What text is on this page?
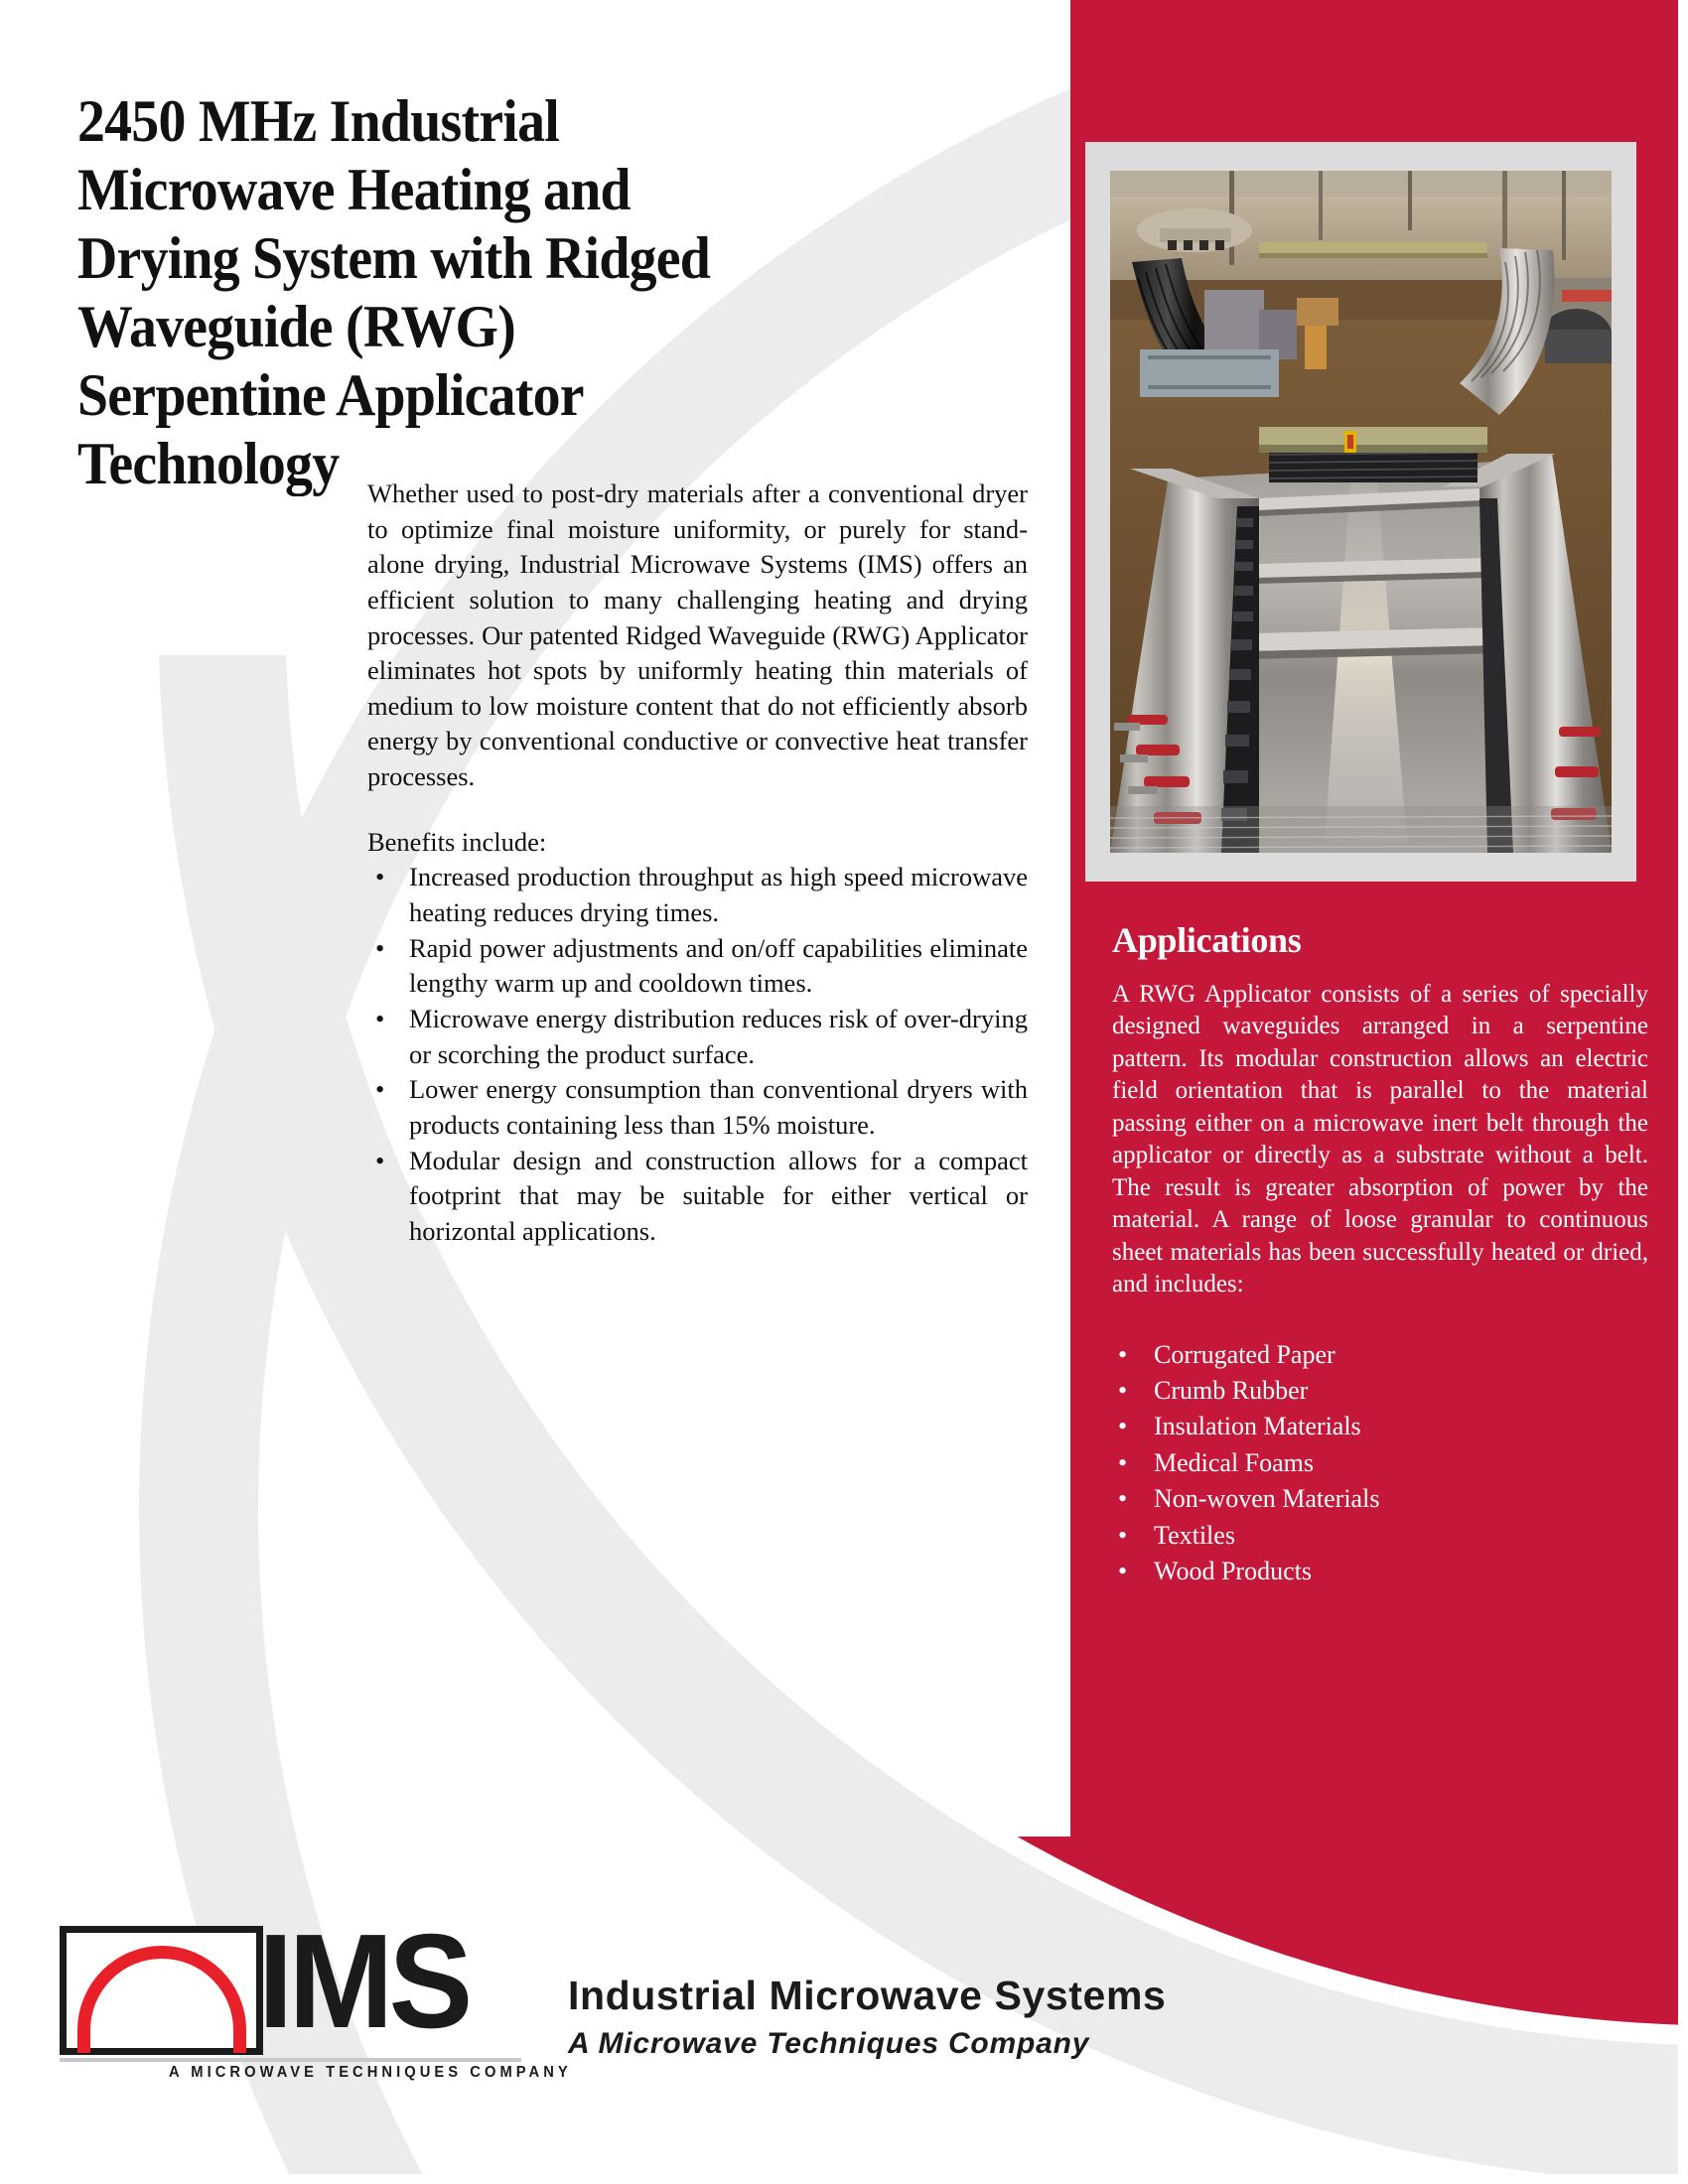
2450 MHz Industrial Microwave Heating and Drying System with Ridged Waveguide (RWG) Serpentine Applicator Technology	Whether used to post-dry materials after a conventional dryer to optimize final moisture uniformity, or purely for stand-alone drying, Industrial Microwave Systems (IMS) offers an efficient solution to many challenging heating and drying processes. Our patented Ridged Waveguide (RWG) Applicator eliminates hot spots by uniformly heating thin materials of medium to low moisture content that do not efficiently absorb energy by conventional conductive or convective heat transfer processes.

Benefits include:

• Increased production throughput as high speed microwave heating reduces drying times.
• Rapid power adjustments and on/off capabilities eliminate lengthy warm up and cooldown times.
• Microwave energy distribution reduces risk of over-drying or scorching the product surface.
• Lower energy consumption than conventional dryers with products containing less than 15% moisture.
• Modular design and construction allows for a compact footprint that may be suitable for either vertical or horizontal applications.
Applications

A RWG Applicator consists of a series of specially designed waveguides arranged in a serpentine pattern. Its modular construction allows an electric field orientation that is parallel to the material passing either on a microwave inert belt through the applicator or directly as a substrate without a belt. The result is greater absorption of power by the material. A range of loose granular to continuous sheet materials has been successfully heated or dried, and includes:

• Corrugated Paper
• Crumb Rubber
• Insulation Materials
• Medical Foams
• Non-woven Materials
• Textiles
• Wood Products
IMS
A MICROWAVE TECHNIQUES COMPANY
Industrial Microwave Systems
A Microwave Techniques Company
